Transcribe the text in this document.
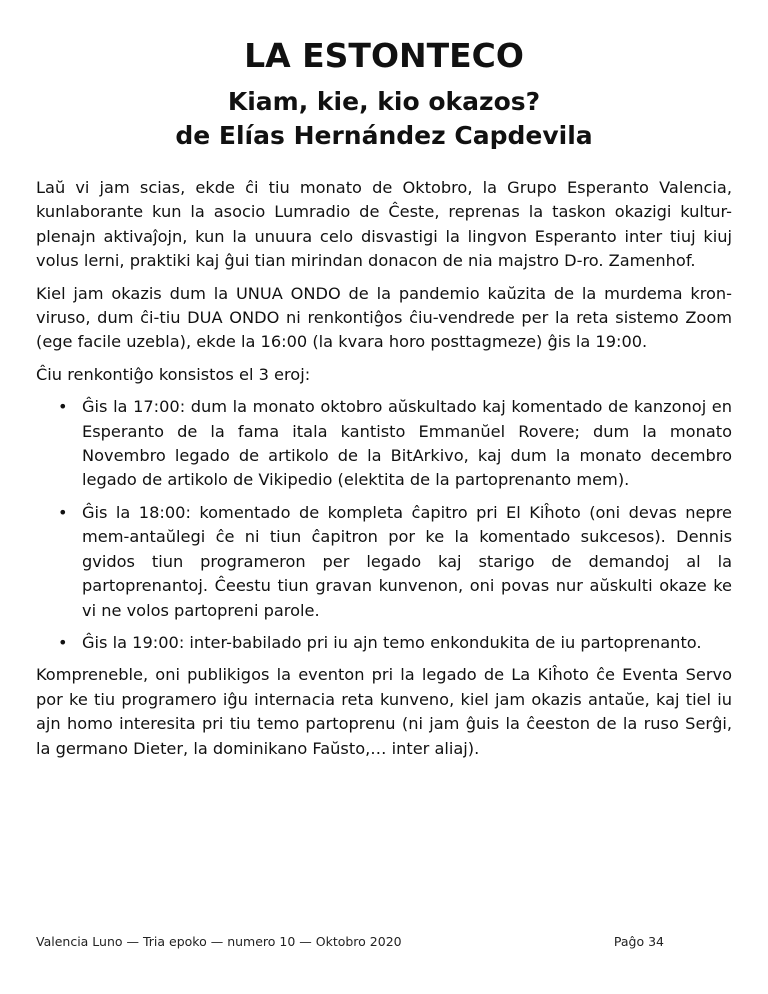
LA ESTONTECO
Kiam, kie, kio okazos?
de Elías Hernández Capdevila

Laŭ vi jam scias, ekde ĉi tiu monato de Oktobro, la Grupo Esperanto Valencia, kunlaborante kun la asocio Lumradio de Ĉeste, reprenas la taskon okazigi kultur-plenajn aktivaĵojn, kun la unuura celo disvastigi la lingvon Esperanto inter tiuj kiuj volus lerni, praktiki kaj ĝui tian mirindan donacon de nia majstro D-ro. Zamenhof.

Kiel jam okazis dum la UNUA ONDO de la pandemio kaŭzita de la murdema kron-viruso, dum ĉi-tiu DUA ONDO ni renkontiĝos ĉiu-vendrede per la reta sistemo Zoom (ege facile uzebla), ekde la 16:00 (la kvara horo posttagmeze) ĝis la 19:00.

Ĉiu renkontiĝo konsistos el 3 eroj:

• Ĝis la 17:00: dum la monato oktobro aŭskultado kaj komentado de kanzonoj en Esperanto de la fama itala kantisto Emmanŭel Rovere; dum la monato Novembro legado de artikolo de la BitArkivo, kaj dum la monato decembro legado de artikolo de Vikipedio (elektita de la partoprenanto mem).
• Ĝis la 18:00: komentado de kompleta ĉapitro pri El Kiĥoto (oni devas nepre mem-antaŭlegi ĉe ni tiun ĉapitron por ke la komentado sukcesos). Dennis gvidos tiun programeron per legado kaj starigo de demandoj al la partoprenantoj. Ĉeestu tiun gravan kunvenon, oni povas nur aŭskulti okaze ke vi ne volos partopreni parole.
• Ĝis la 19:00: inter-babilado pri iu ajn temo enkondukita de iu partoprenanto.

Kompreneble, oni publikigos la eventon pri la legado de La Kiĥoto ĉe Eventa Servo por ke tiu programero iĝu internacia reta kunveno, kiel jam okazis antaŭe, kaj tiel iu ajn homo interesita pri tiu temo partoprenu (ni jam ĝuis la ĉeeston de la ruso Serĝi, la germano Dieter, la dominikano Faŭsto,… inter aliaj).

Valencia Luno — Tria epoko — numero 10 — Oktobro 2020	Paĝo 34
